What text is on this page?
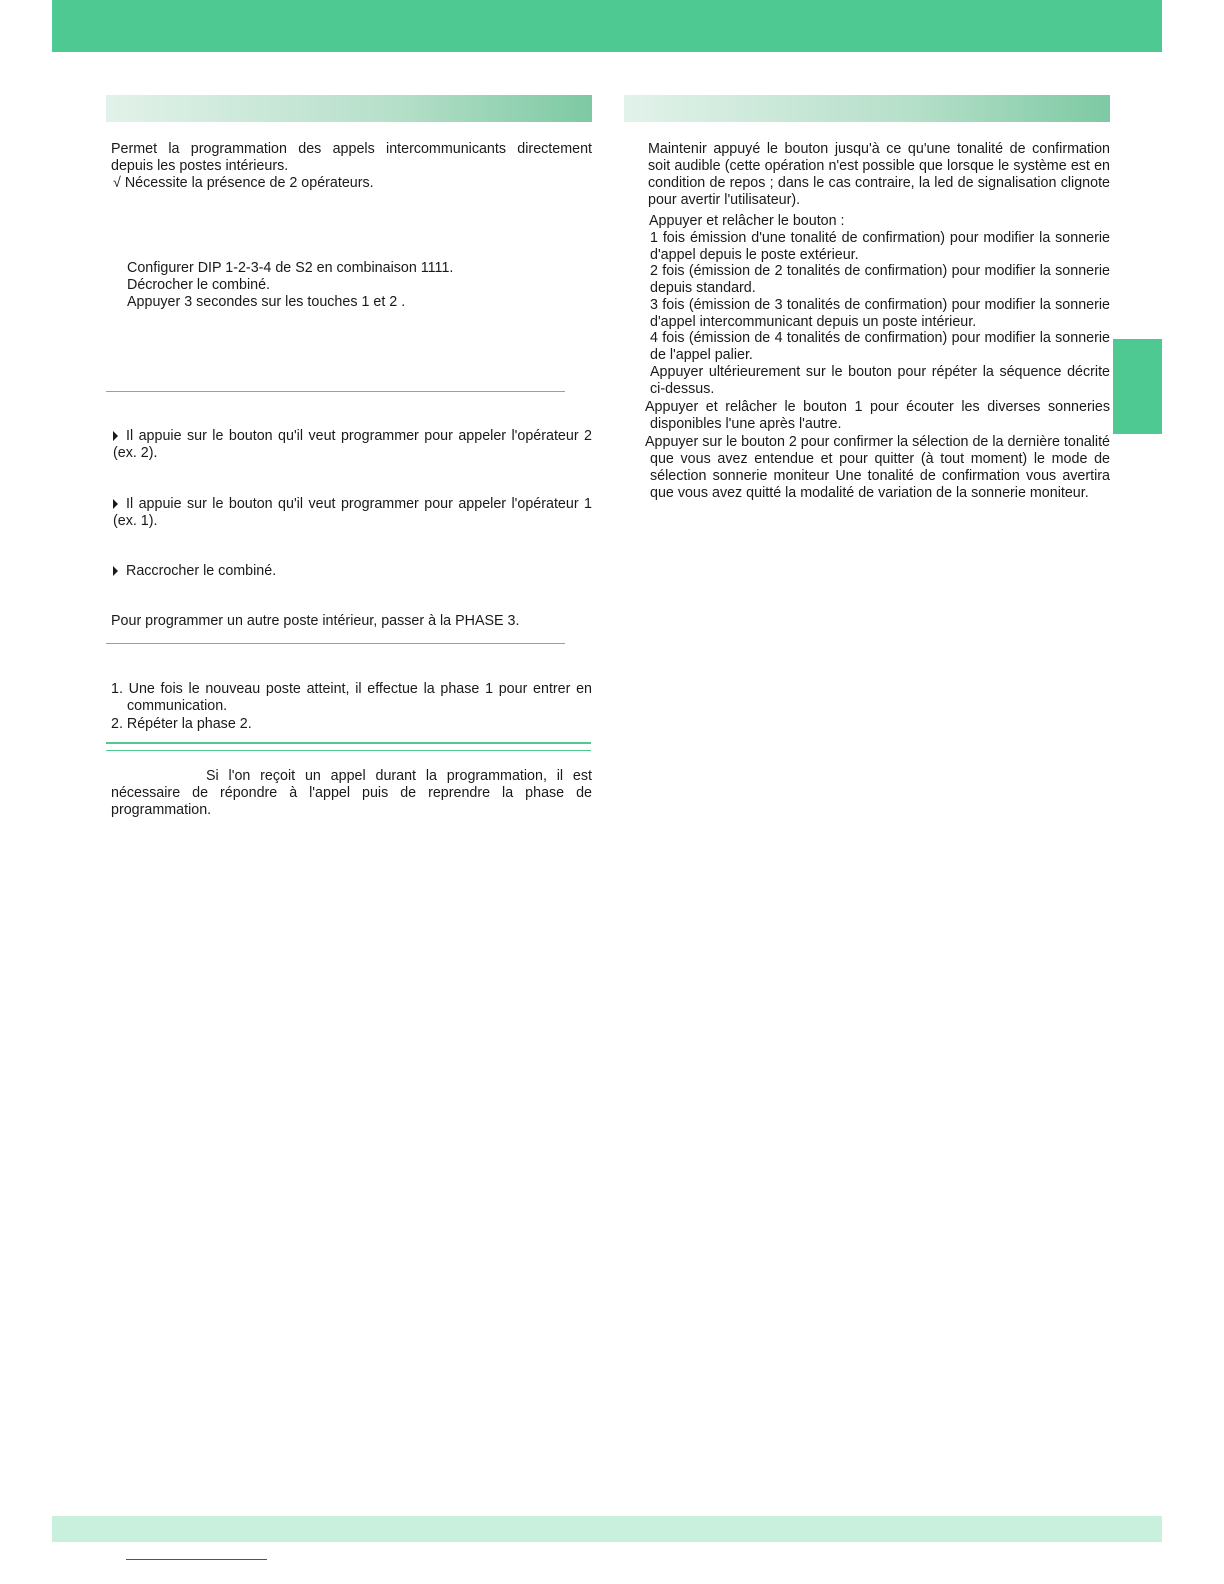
Permet la programmation des appels intercommunicants directement depuis les postes intérieurs.

√ Nécessite la présence de 2 opérateurs.

Configurer DIP 1-2-3-4 de S2 en combinaison 1111.

Décrocher le combiné.

Appuyer 3 secondes sur les touches 1 et 2 .

Il appuie sur le bouton qu'il veut programmer pour appeler l'opérateur 2 (ex. 2).

Il appuie sur le bouton qu'il veut programmer pour appeler l'opérateur 1 (ex. 1).

Raccrocher le combiné.

Pour programmer un autre poste intérieur, passer à la PHASE 3.

1. Une fois le nouveau poste atteint, il effectue la phase 1 pour entrer en communication.

2. Répéter la phase 2.

Si l'on reçoit un appel durant la programmation, il est nécessaire de répondre à l'appel puis de reprendre la phase de programmation.

Maintenir appuyé le bouton jusqu'à ce qu'une tonalité de confirmation soit audible (cette opération n'est possible que lorsque le système est en condition de repos ; dans le cas contraire, la led de signalisation clignote pour avertir l'utilisateur).

Appuyer et relâcher le bouton :

1 fois émission d'une tonalité de confirmation) pour modifier la sonnerie d'appel depuis le poste extérieur.

2 fois (émission de 2 tonalités de confirmation) pour modifier la sonnerie depuis standard.

3 fois (émission de 3 tonalités de confirmation) pour modifier la sonnerie d'appel intercommunicant depuis un poste intérieur.

4 fois (émission de 4 tonalités de confirmation) pour modifier la sonnerie de l'appel palier.

Appuyer ultérieurement sur le bouton pour répéter la séquence décrite ci-dessus.

Appuyer et relâcher le bouton 1 pour écouter les diverses sonneries disponibles l'une après l'autre.

Appuyer sur le bouton 2 pour confirmer la sélection de la dernière tonalité que vous avez entendue et pour quitter (à tout moment) le mode de sélection sonnerie moniteur Une tonalité de confirmation vous avertira que vous avez quitté la modalité de variation de la sonnerie moniteur.
